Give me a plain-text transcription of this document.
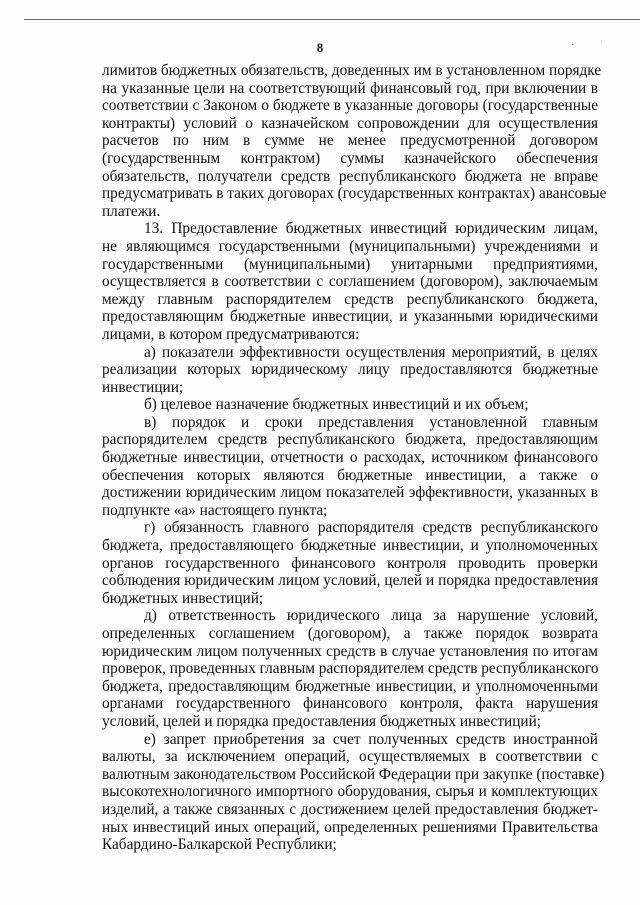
8	·	ˈ
лимитов бюджетных обязательств, доведенных им в установленном порядке
на указанные цели на соответствующий финансовый год, при включении в
соответствии с Законом о бюджете в указанные договоры (государственные
контракты) условий о казначейском сопровождении для осуществления
расчетов по ним в сумме не менее предусмотренной договором
(государственным контрактом) суммы казначейского обеспечения
обязательств, получатели средств республиканского бюджета не вправе
предусматривать в таких договорах (государственных контрактах) авансовые
платежи.
13. Предоставление бюджетных инвестиций юридическим лицам,
не являющимся государственными (муниципальными) учреждениями и
государственными (муниципальными) унитарными предприятиями,
осуществляется в соответствии с соглашением (договором), заключаемым
между главным распорядителем средств республиканского бюджета,
предоставляющим бюджетные инвестиции, и указанными юридическими
лицами, в котором предусматриваются:
а) показатели эффективности осуществления мероприятий, в целях
реализации которых юридическому лицу предоставляются бюджетные
инвестиции;
б) целевое назначение бюджетных инвестиций и их объем;
в) порядок и сроки представления установленной главным
распорядителем средств республиканского бюджета, предоставляющим
бюджетные инвестиции, отчетности о расходах, источником финансового
обеспечения которых являются бюджетные инвестиции, а также о
достижении юридическим лицом показателей эффективности, указанных в
подпункте «а» настоящего пункта;
г) обязанность главного распорядителя средств республиканского
бюджета, предоставляющего бюджетные инвестиции, и уполномоченных
органов государственного финансового контроля проводить проверки
соблюдения юридическим лицом условий, целей и порядка предоставления
бюджетных инвестиций;
д) ответственность юридического лица за нарушение условий,
определенных соглашением (договором), а также порядок возврата
юридическим лицом полученных средств в случае установления по итогам
проверок, проведенных главным распорядителем средств республиканского
бюджета, предоставляющим бюджетные инвестиции, и уполномоченными
органами государственного финансового контроля, факта нарушения
условий, целей и порядка предоставления бюджетных инвестиций;
е) запрет приобретения за счет полученных средств иностранной
валюты, за исключением операций, осуществляемых в соответствии с
валютным законодательством Российской Федерации при закупке (поставке)
высокотехнологичного импортного оборудования, сырья и комплектующих
изделий, а также связанных с достижением целей предоставления бюджет-
ных инвестиций иных операций, определенных решениями Правительства
Кабардино-Балкарской Республики;
